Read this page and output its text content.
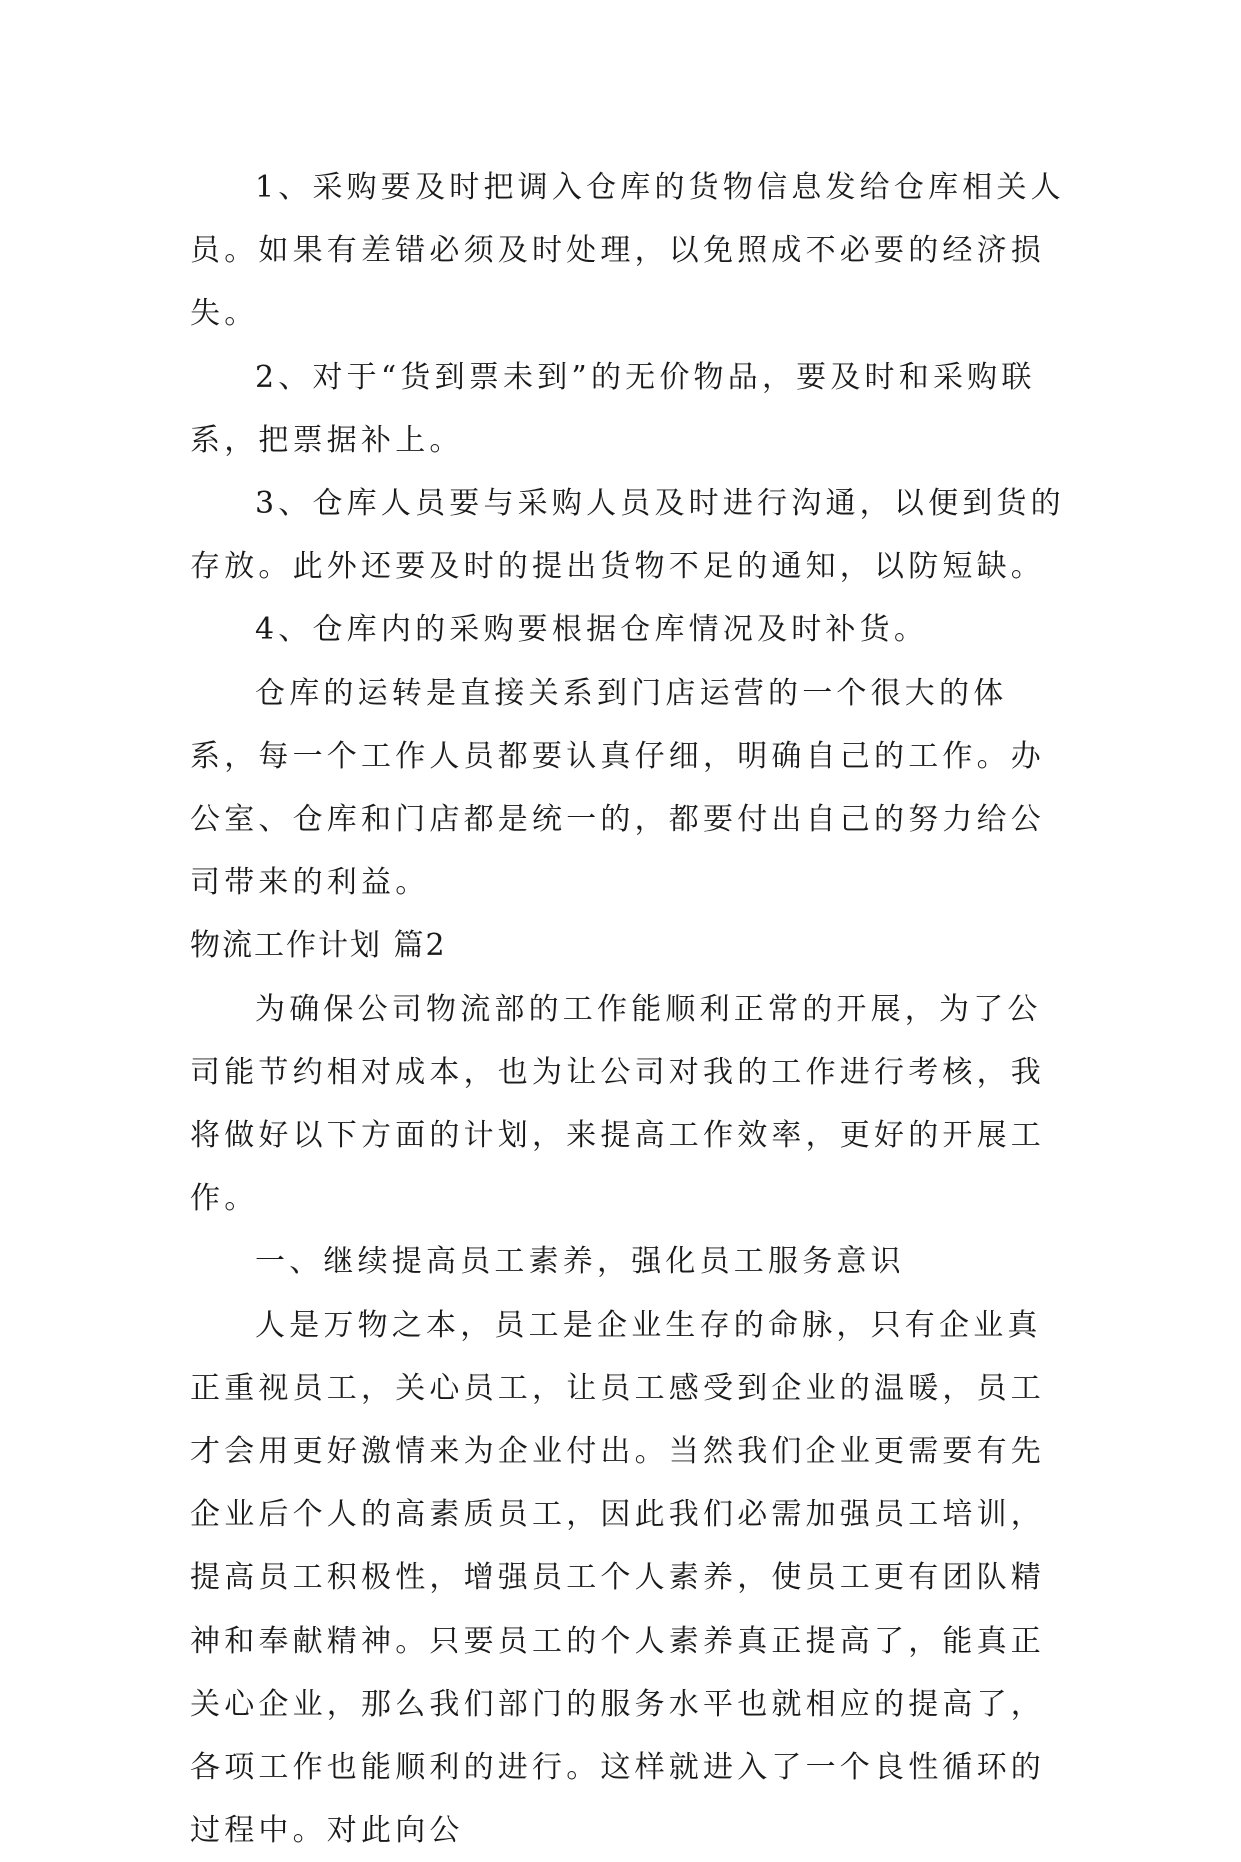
1、采购要及时把调入仓库的货物信息发给仓库相关人员。如果有差错必须及时处理，以免照成不必要的经济损失。

2、对于“货到票未到”的无价物品，要及时和采购联系，把票据补上。

3、仓库人员要与采购人员及时进行沟通，以便到货的存放。此外还要及时的提出货物不足的通知，以防短缺。

4、仓库内的采购要根据仓库情况及时补货。

仓库的运转是直接关系到门店运营的一个很大的体系，每一个工作人员都要认真仔细，明确自己的工作。办公室、仓库和门店都是统一的，都要付出自己的努力给公司带来的利益。

物流工作计划 篇2

为确保公司物流部的工作能顺利正常的开展，为了公司能节约相对成本，也为让公司对我的工作进行考核，我将做好以下方面的计划，来提高工作效率，更好的开展工作。

一、继续提高员工素养，强化员工服务意识

人是万物之本，员工是企业生存的命脉，只有企业真正重视员工，关心员工，让员工感受到企业的温暖，员工才会用更好激情来为企业付出。当然我们企业更需要有先企业后个人的高素质员工，因此我们必需加强员工培训，提高员工积极性，增强员工个人素养，使员工更有团队精神和奉献精神。只要员工的个人素养真正提高了，能真正关心企业，那么我们部门的服务水平也就相应的提高了，各项工作也能顺利的进行。这样就进入了一个良性循环的过程中。对此向公
